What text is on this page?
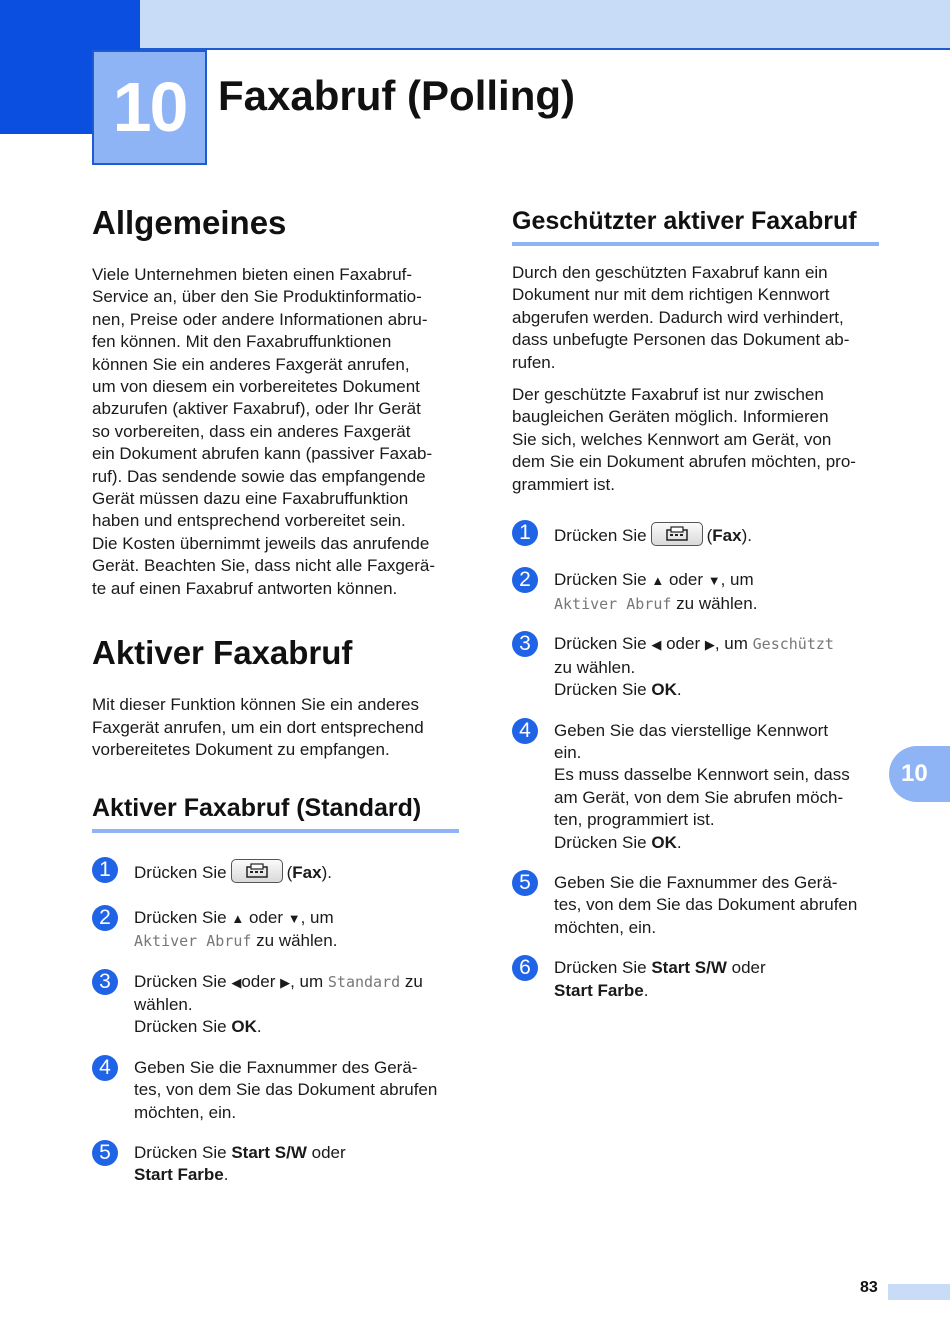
10 Faxabruf (Polling)
Allgemeines

Viele Unternehmen bieten einen Faxabruf-
Service an, über den Sie Produktinformatio-
nen, Preise oder andere Informationen abru-
fen können. Mit den Faxabruffunktionen
können Sie ein anderes Faxgerät anrufen,
um von diesem ein vorbereitetes Dokument
abzurufen (aktiver Faxabruf), oder Ihr Gerät
so vorbereiten, dass ein anderes Faxgerät
ein Dokument abrufen kann (passiver Faxab-
ruf). Das sendende sowie das empfangende
Gerät müssen dazu eine Faxabruffunktion
haben und entsprechend vorbereitet sein.
Die Kosten übernimmt jeweils das anrufende
Gerät. Beachten Sie, dass nicht alle Faxgerä-
te auf einen Faxabruf antworten können.

Aktiver Faxabruf

Mit dieser Funktion können Sie ein anderes
Faxgerät anrufen, um ein dort entsprechend
vorbereitetes Dokument zu empfangen.

Aktiver Faxabruf (Standard)
1	Drücken Sie	(Fax).
2	Drücken Sie ▲ oder ▼, um
Aktiver Abruf zu wählen.
3	Drücken Sie ◀oder ▶, um Standard zu
wählen.
Drücken Sie OK.
4	Geben Sie die Faxnummer des Gerä-
tes, von dem Sie das Dokument abrufen
möchten, ein.
5	Drücken Sie Start S/W oder
Start Farbe.
Geschützter aktiver Faxabruf

Durch den geschützten Faxabruf kann ein
Dokument nur mit dem richtigen Kennwort
abgerufen werden. Dadurch wird verhindert,
dass unbefugte Personen das Dokument ab-
rufen.

Der geschützte Faxabruf ist nur zwischen
baugleichen Geräten möglich. Informieren
Sie sich, welches Kennwort am Gerät, von
dem Sie ein Dokument abrufen möchten, pro-
grammiert ist.

1	Drücken Sie	(Fax).
2	Drücken Sie ▲ oder ▼, um
Aktiver Abruf zu wählen.
3	Drücken Sie ◀ oder ▶, um Geschützt
zu wählen.
Drücken Sie OK.
4	Geben Sie das vierstellige Kennwort
ein.
Es muss dasselbe Kennwort sein, dass
am Gerät, von dem Sie abrufen möch-
ten, programmiert ist.
Drücken Sie OK.
5	Geben Sie die Faxnummer des Gerä-
tes, von dem Sie das Dokument abrufen
möchten, ein.
6	Drücken Sie Start S/W oder
Start Farbe.
10
83
